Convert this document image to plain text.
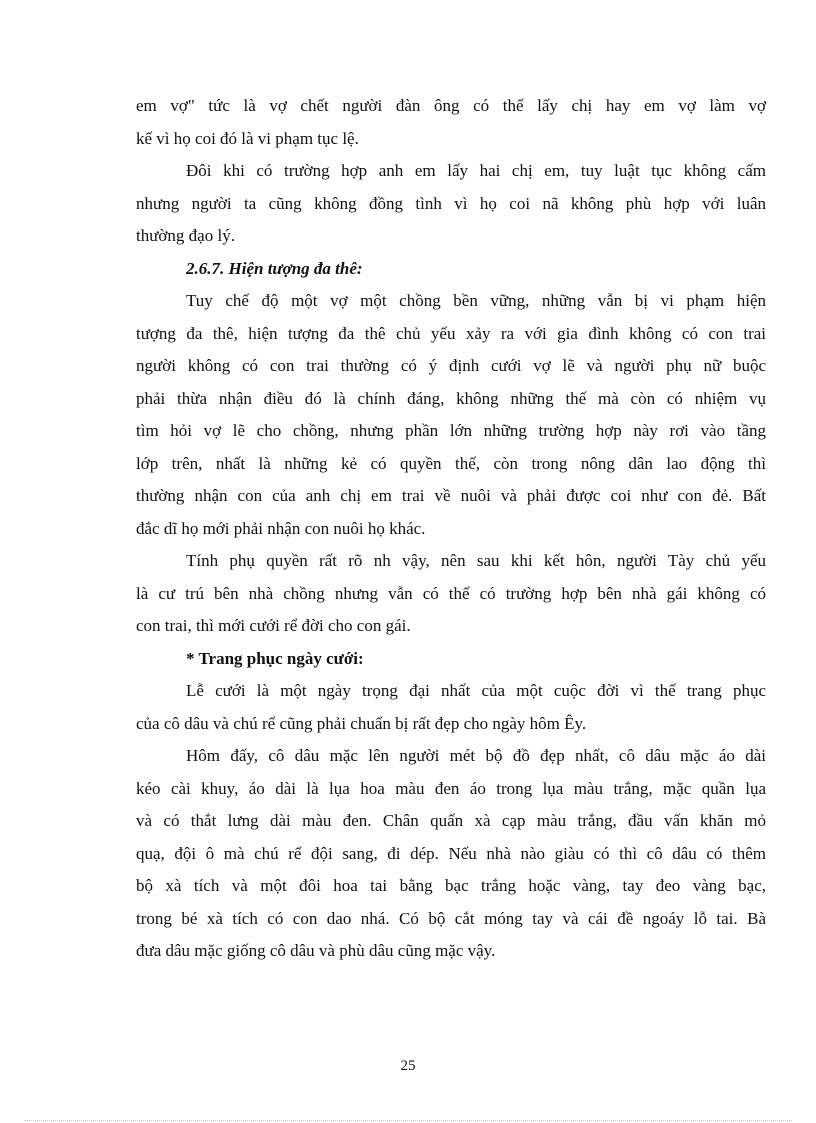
em vợ" tức là vợ chết người đàn ông có thể lấy chị hay em vợ làm vợ
kế vì họ coi đó là vi phạm tục lệ.

Đôi khi có trường hợp anh em lấy hai chị em, tuy luật tục không cấm
nhưng người ta cũng không đồng tình vì họ coi nã không phù hợp với luân
thường đạo lý.

2.6.7. Hiện tượng đa thê:

Tuy chế độ một vợ một chồng bền vững, những vẫn bị vi phạm hiện
tượng đa thê, hiện tượng đa thê chủ yếu xảy ra với gia đình không có con trai
người không có con trai thường có ý định cưới vợ lẽ và người phụ nữ buộc
phải thừa nhận điều đó là chính đáng, không những thế mà còn có nhiệm vụ
tìm hỏi vợ lẽ cho chồng, nhưng phần lớn những trường hợp này rơi vào tầng
lớp trên, nhất là những kẻ có quyền thế, còn trong nông dân lao động thì
thường nhận con của anh chị em trai về nuôi và phải được coi như con đẻ. Bất
đắc dĩ họ mới phải nhận con nuôi họ khác.

Tính phụ quyền rất rõ nh vậy, nên sau khi kết hôn, người Tày chủ yếu
là cư trú bên nhà chồng nhưng vẫn có thể có trường hợp bên nhà gái không có
con trai, thì mới cưới rể đời cho con gái.

* Trang phục ngày cưới:

Lễ cưới là một ngày trọng đại nhất của một cuộc đời vì thế trang phục
của cô dâu và chú rể cũng phải chuẩn bị rất đẹp cho ngày hôm Êy.

Hôm đấy, cô dâu mặc lên người mét bộ đồ đẹp nhất, cô dâu mặc áo dài
kéo cài khuy, áo dài là lụa hoa màu đen áo trong lụa màu trắng, mặc quần lụa
và có thắt lưng dài màu đen. Chân quấn xà cạp màu trắng, đầu vấn khăn mỏ
quạ, đội ô mà chú rể đội sang, đi dép. Nếu nhà nào giàu có thì cô dâu có thêm
bộ xà tích và một đôi hoa tai bằng bạc trắng hoặc vàng, tay đeo vàng bạc,
trong bé xà tích có con dao nhá. Có bộ cắt móng tay và cái đề ngoáy lỗ tai. Bà
đưa dâu mặc giống cô dâu và phù dâu cũng mặc vậy.

25
